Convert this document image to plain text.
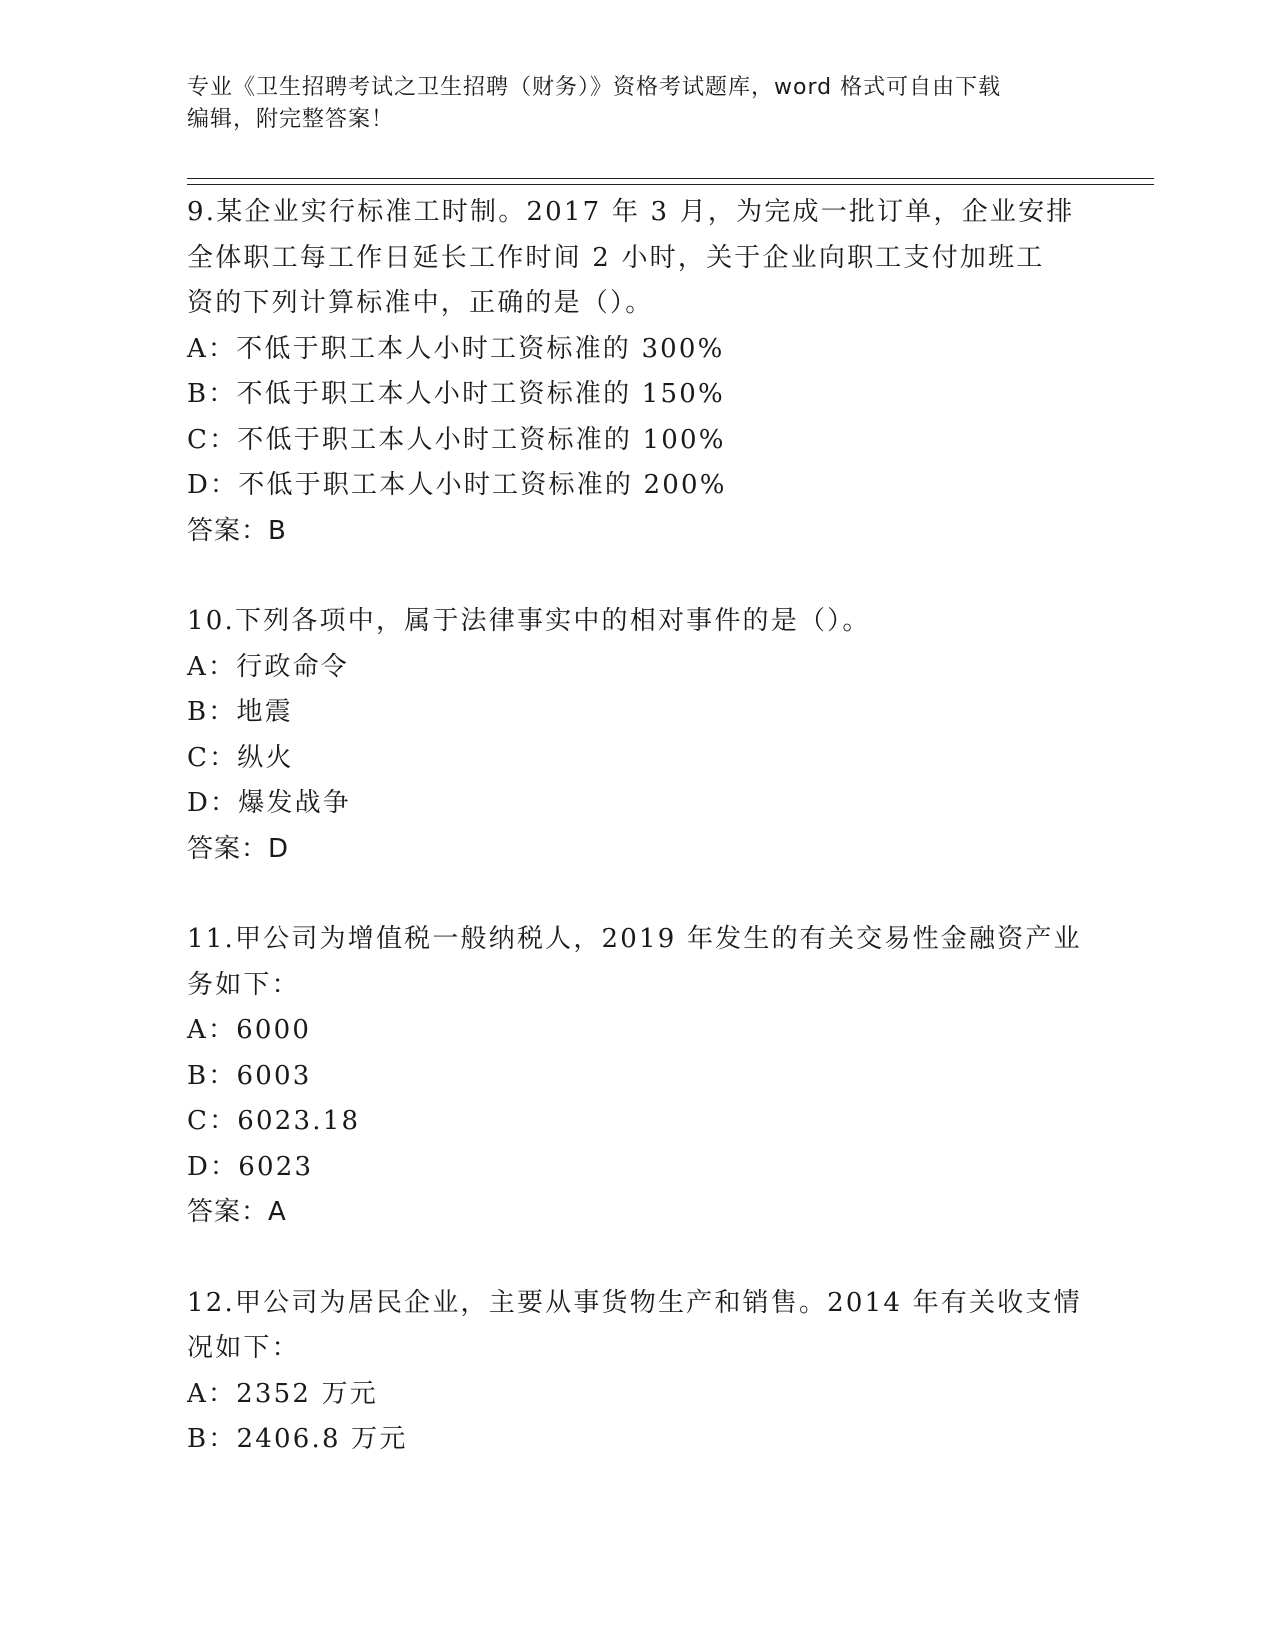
专业《卫生招聘考试之卫生招聘（财务）》资格考试题库，word 格式可自由下载
编辑，附完整答案！
9.某企业实行标准工时制。2017 年 3 月，为完成一批订单，企业安排
全体职工每工作日延长工作时间 2 小时，关于企业向职工支付加班工
资的下列计算标准中，正确的是（）。
A：不低于职工本人小时工资标准的 300%
B：不低于职工本人小时工资标准的 150%
C：不低于职工本人小时工资标准的 100%
D：不低于职工本人小时工资标准的 200%
答案：B
10.下列各项中，属于法律事实中的相对事件的是（）。
A：行政命令
B：地震
C：纵火
D：爆发战争
答案：D
11.甲公司为增值税一般纳税人，2019 年发生的有关交易性金融资产业
务如下：
A：6000
B：6003
C：6023.18
D：6023
答案：A
12.甲公司为居民企业，主要从事货物生产和销售。2014 年有关收支情
况如下：
A：2352 万元
B：2406.8 万元
